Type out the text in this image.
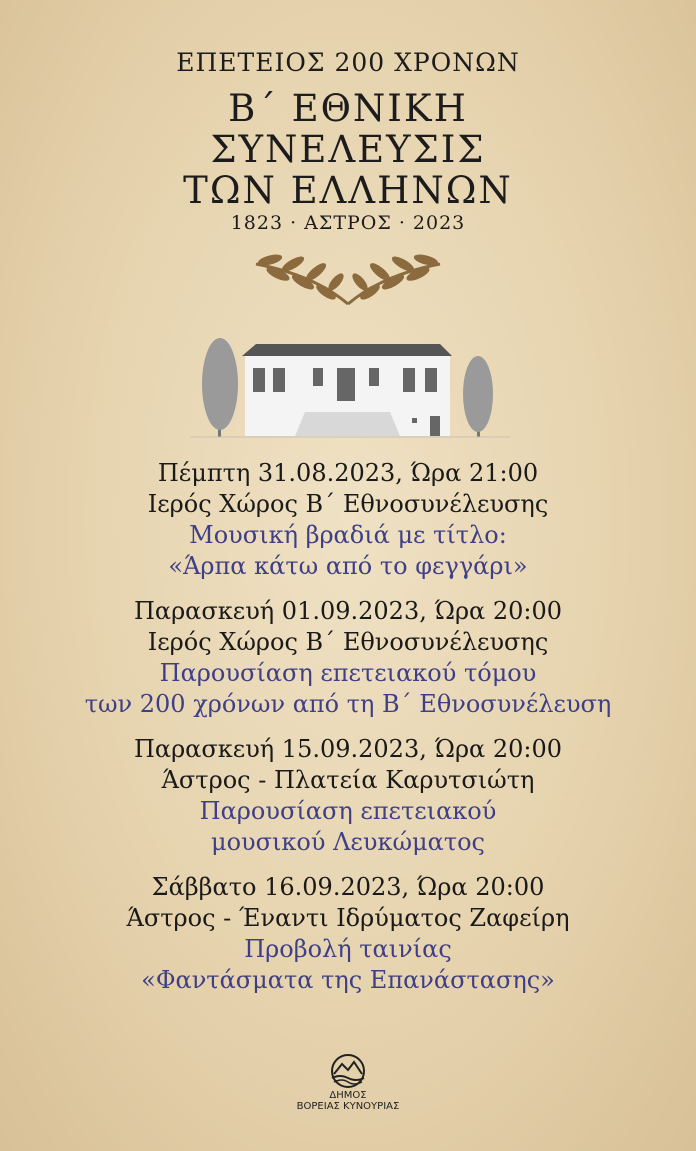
ΕΠΕΤΕΙΟΣ 200 ΧΡΟΝΩΝ
Β΄ ΕΘΝΙΚΗ
ΣΥΝΕΛΕΥΣΙΣ
ΤΩΝ ΕΛΛΗΝΩΝ
1823 · ΑΣΤΡΟΣ · 2023
Πέμπτη 31.08.2023, Ώρα 21:00
Ιερός Χώρος Β΄ Εθνοσυνέλευσης
Μουσική βραδιά με τίτλο:
«Άρπα κάτω από το φεγγάρι»
Παρασκευή 01.09.2023, Ώρα 20:00
Ιερός Χώρος Β΄ Εθνοσυνέλευσης
Παρουσίαση επετειακού τόμου
των 200 χρόνων από τη Β΄ Εθνοσυνέλευση
Παρασκευή 15.09.2023, Ώρα 20:00
Άστρος - Πλατεία Καρυτσιώτη
Παρουσίαση επετειακού
μουσικού Λευκώματος
Σάββατο 16.09.2023, Ώρα 20:00
Άστρος - Έναντι Ιδρύματος Ζαφείρη
Προβολή ταινίας
«Φαντάσματα της Επανάστασης»
ΔΗΜΟΣ
ΒΟΡΕΙΑΣ ΚΥΝΟΥΡΙΑΣ
